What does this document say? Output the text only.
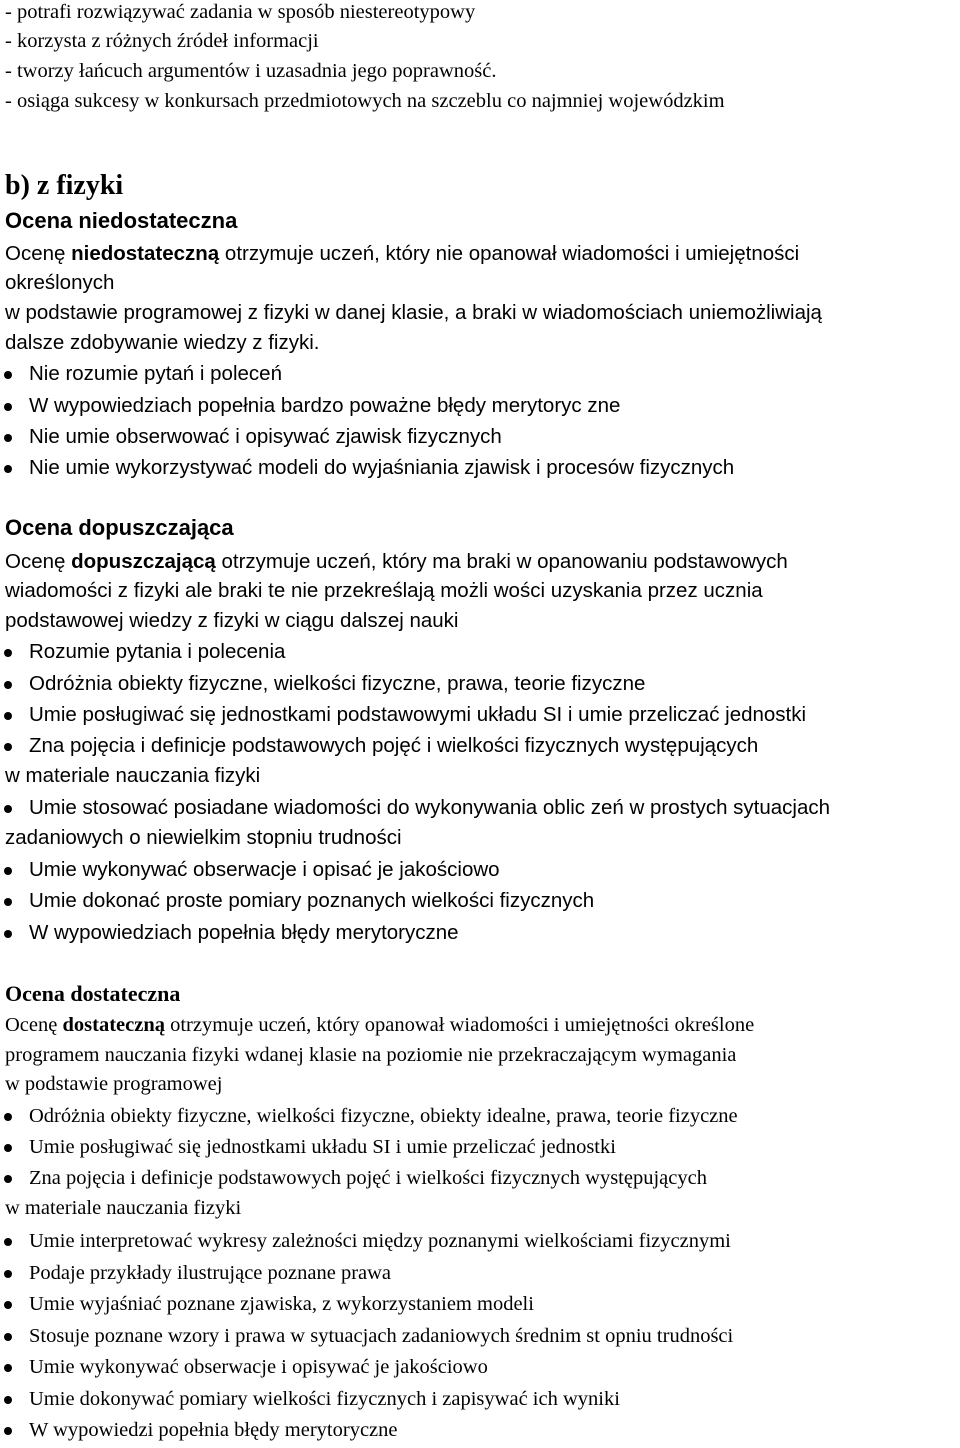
- potrafi rozwiązywać zadania w sposób niestereotypowy
- korzysta z różnych źródeł informacji
- tworzy łańcuch argumentów i uzasadnia jego poprawność.
- osiąga sukcesy w konkursach przedmiotowych na szczeblu co najmniej wojewódzkim
b) z fizyki
Ocena niedostateczna
Ocenę niedostateczną otrzymuje uczeń, który nie opanował wiadomości i umiejętności
określonych
w podstawie programowej z fizyki w danej klasie, a braki w wiadomościach uniemożliwiają
dalsze zdobywanie wiedzy z fizyki.
Nie rozumie pytań i poleceń
W wypowiedziach popełnia bardzo poważne błędy merytoryc zne
Nie umie obserwować i opisywać zjawisk fizycznych
Nie umie wykorzystywać modeli do wyjaśniania zjawisk i procesów fizycznych
Ocena dopuszczająca
Ocenę dopuszczającą otrzymuje uczeń, który ma braki w opanowaniu podstawowych
wiadomości z fizyki ale braki te nie przekreślają możli wości uzyskania przez ucznia
podstawowej wiedzy z fizyki w ciągu dalszej nauki
Rozumie pytania i polecenia
Odróżnia obiekty fizyczne, wielkości fizyczne, prawa, teorie fizyczne
Umie posługiwać się jednostkami podstawowymi układu SI i umie przeliczać jednostki
Zna pojęcia i definicje podstawowych pojęć i wielkości fizycznych występujących
w materiale nauczania fizyki
Umie stosować posiadane wiadomości do wykonywania oblic zeń w prostych sytuacjach
zadaniowych o niewielkim stopniu trudności
Umie wykonywać obserwacje i opisać je jakościowo
Umie dokonać proste pomiary poznanych wielkości fizycznych
W wypowiedziach popełnia błędy merytoryczne
Ocena dostateczna
Ocenę dostateczną otrzymuje uczeń, który opanował wiadomości i umiejętności określone
programem nauczania fizyki wdanej klasie na poziomie nie przekraczającym wymagania
w podstawie programowej
Odróżnia obiekty fizyczne, wielkości fizyczne, obiekty idealne, prawa, teorie fizyczne
Umie posługiwać się jednostkami układu SI i umie przeliczać jednostki
Zna pojęcia i definicje podstawowych pojęć i wielkości fizycznych występujących
w materiale nauczania fizyki
Umie interpretować wykresy zależności między poznanymi wielkościami fizycznymi
Podaje przykłady ilustrujące poznane prawa
Umie wyjaśniać poznane zjawiska, z wykorzystaniem modeli
Stosuje poznane wzory i prawa w sytuacjach zadaniowych średnim st opniu trudności
Umie wykonywać obserwacje i opisywać je jakościowo
Umie dokonywać pomiary wielkości fizycznych i zapisywać ich wyniki
W wypowiedzi popełnia błędy merytoryczne
